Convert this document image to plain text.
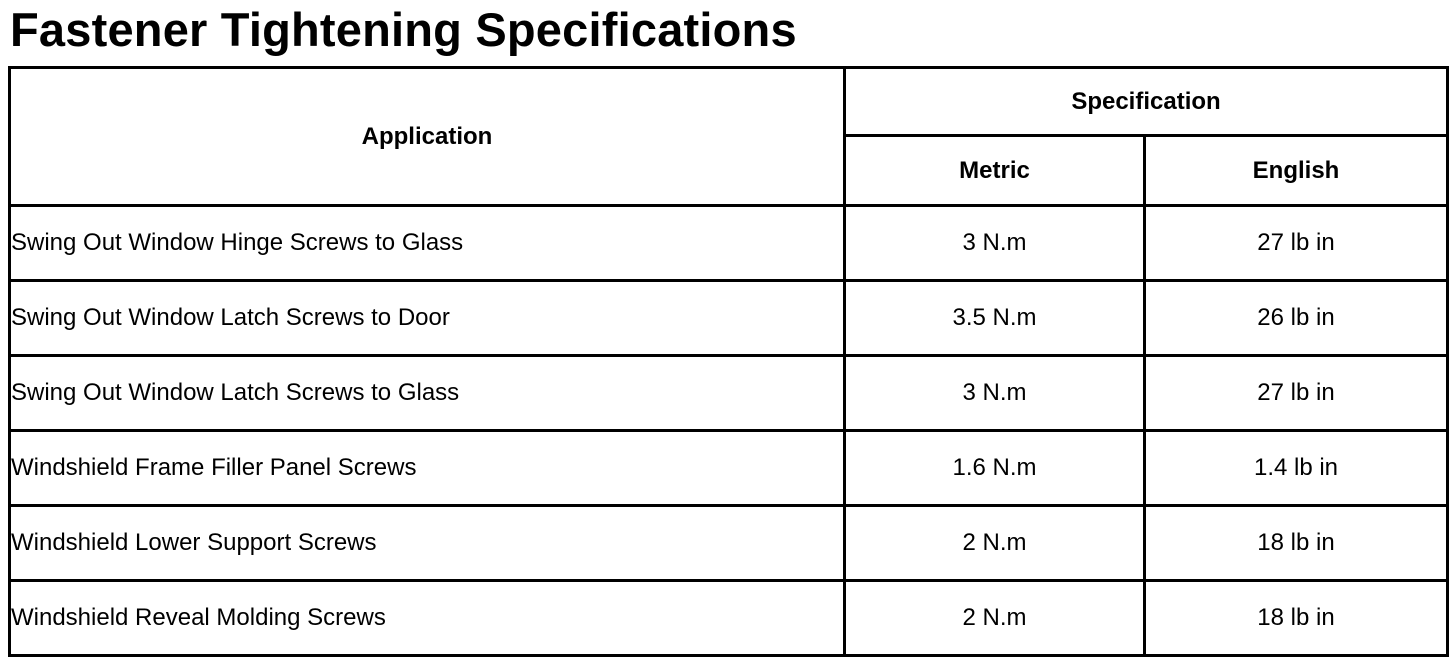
Fastener Tightening Specifications
Application	Specification	
	Metric	English
Swing Out Window Hinge Screws to Glass	3 N.m	27 lb in
Swing Out Window Latch Screws to Door	3.5 N.m	26 lb in
Swing Out Window Latch Screws to Glass	3 N.m	27 lb in
Windshield Frame Filler Panel Screws	1.6 N.m	1.4 lb in
Windshield Lower Support Screws	2 N.m	18 lb in
Windshield Reveal Molding Screws	2 N.m	18 lb in
